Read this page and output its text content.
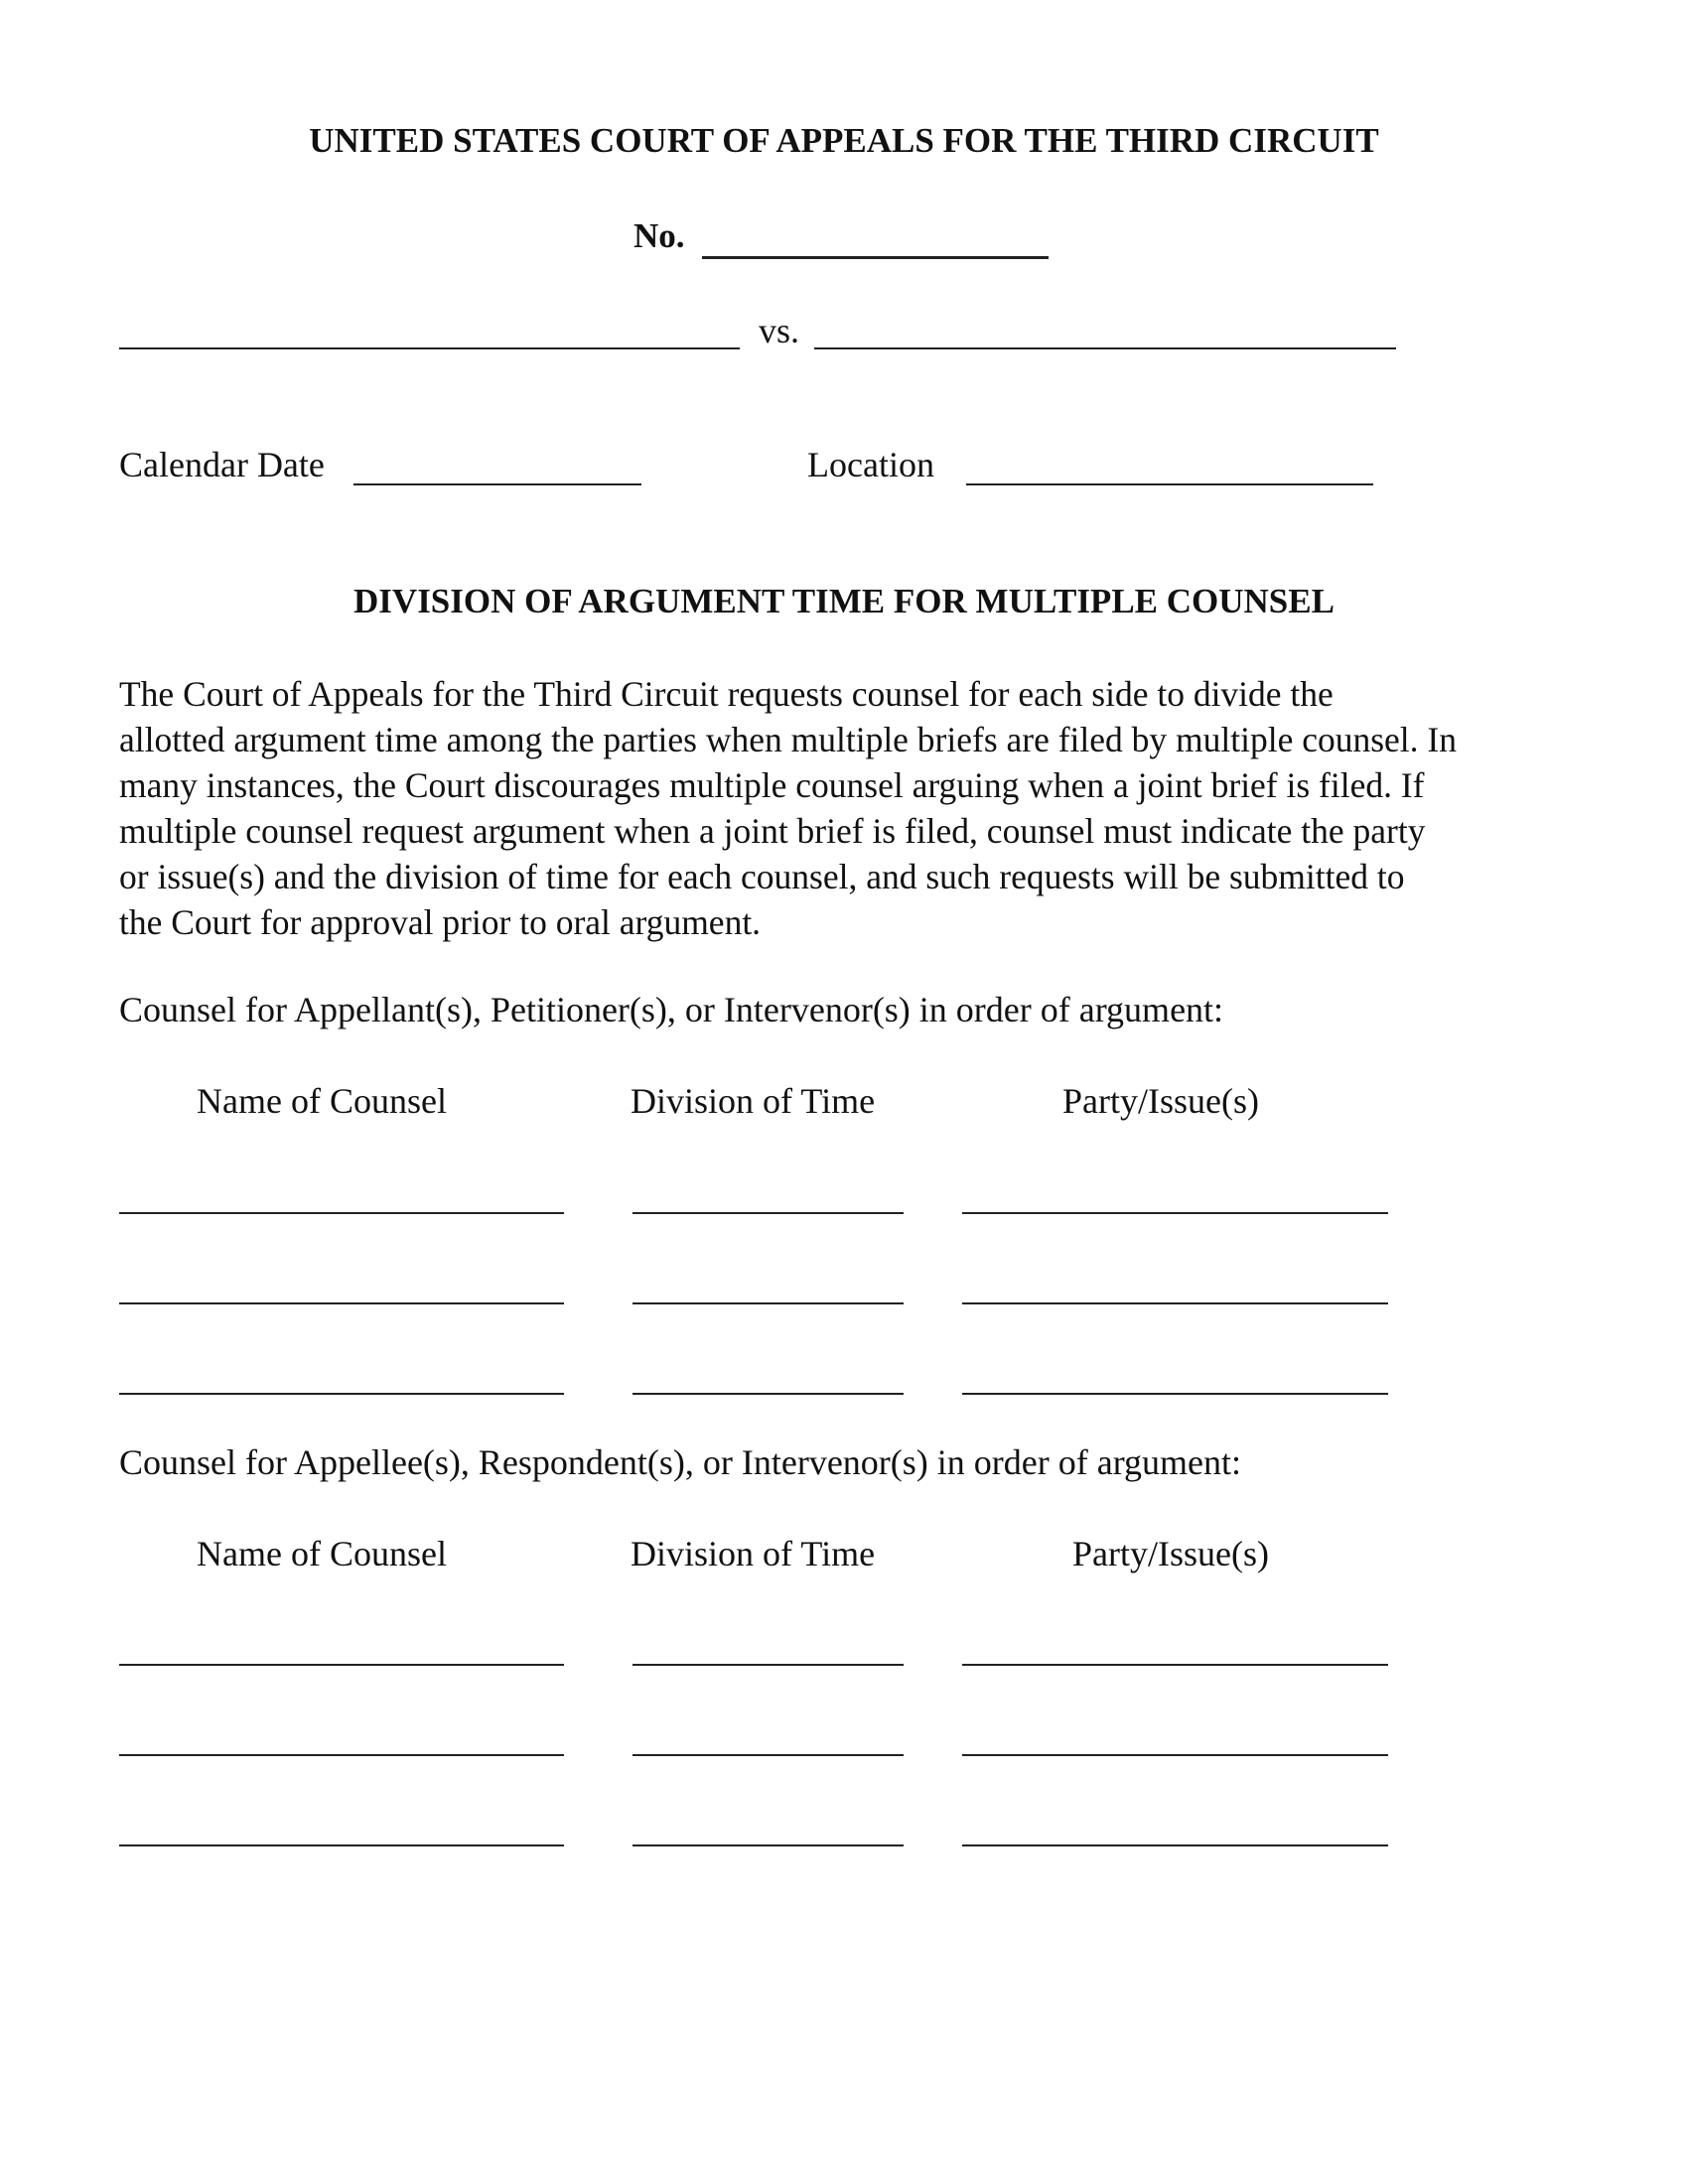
UNITED STATES COURT OF APPEALS FOR THE THIRD CIRCUIT
No.
vs.
Calendar Date	Location
DIVISION OF ARGUMENT TIME FOR MULTIPLE COUNSEL
The Court of Appeals for the Third Circuit requests counsel for each side to divide the
allotted argument time among the parties when multiple briefs are filed by multiple counsel. In
many instances, the Court discourages multiple counsel arguing when a joint brief is filed. If
multiple counsel request argument when a joint brief is filed, counsel must indicate the party
or issue(s) and the division of time for each counsel, and such requests will be submitted to
the Court for approval prior to oral argument.
Counsel for Appellant(s), Petitioner(s), or Intervenor(s) in order of argument:
Name of Counsel	Division of Time	Party/Issue(s)
Counsel for Appellee(s), Respondent(s), or Intervenor(s) in order of argument:
Name of Counsel	Division of Time	Party/Issue(s)
